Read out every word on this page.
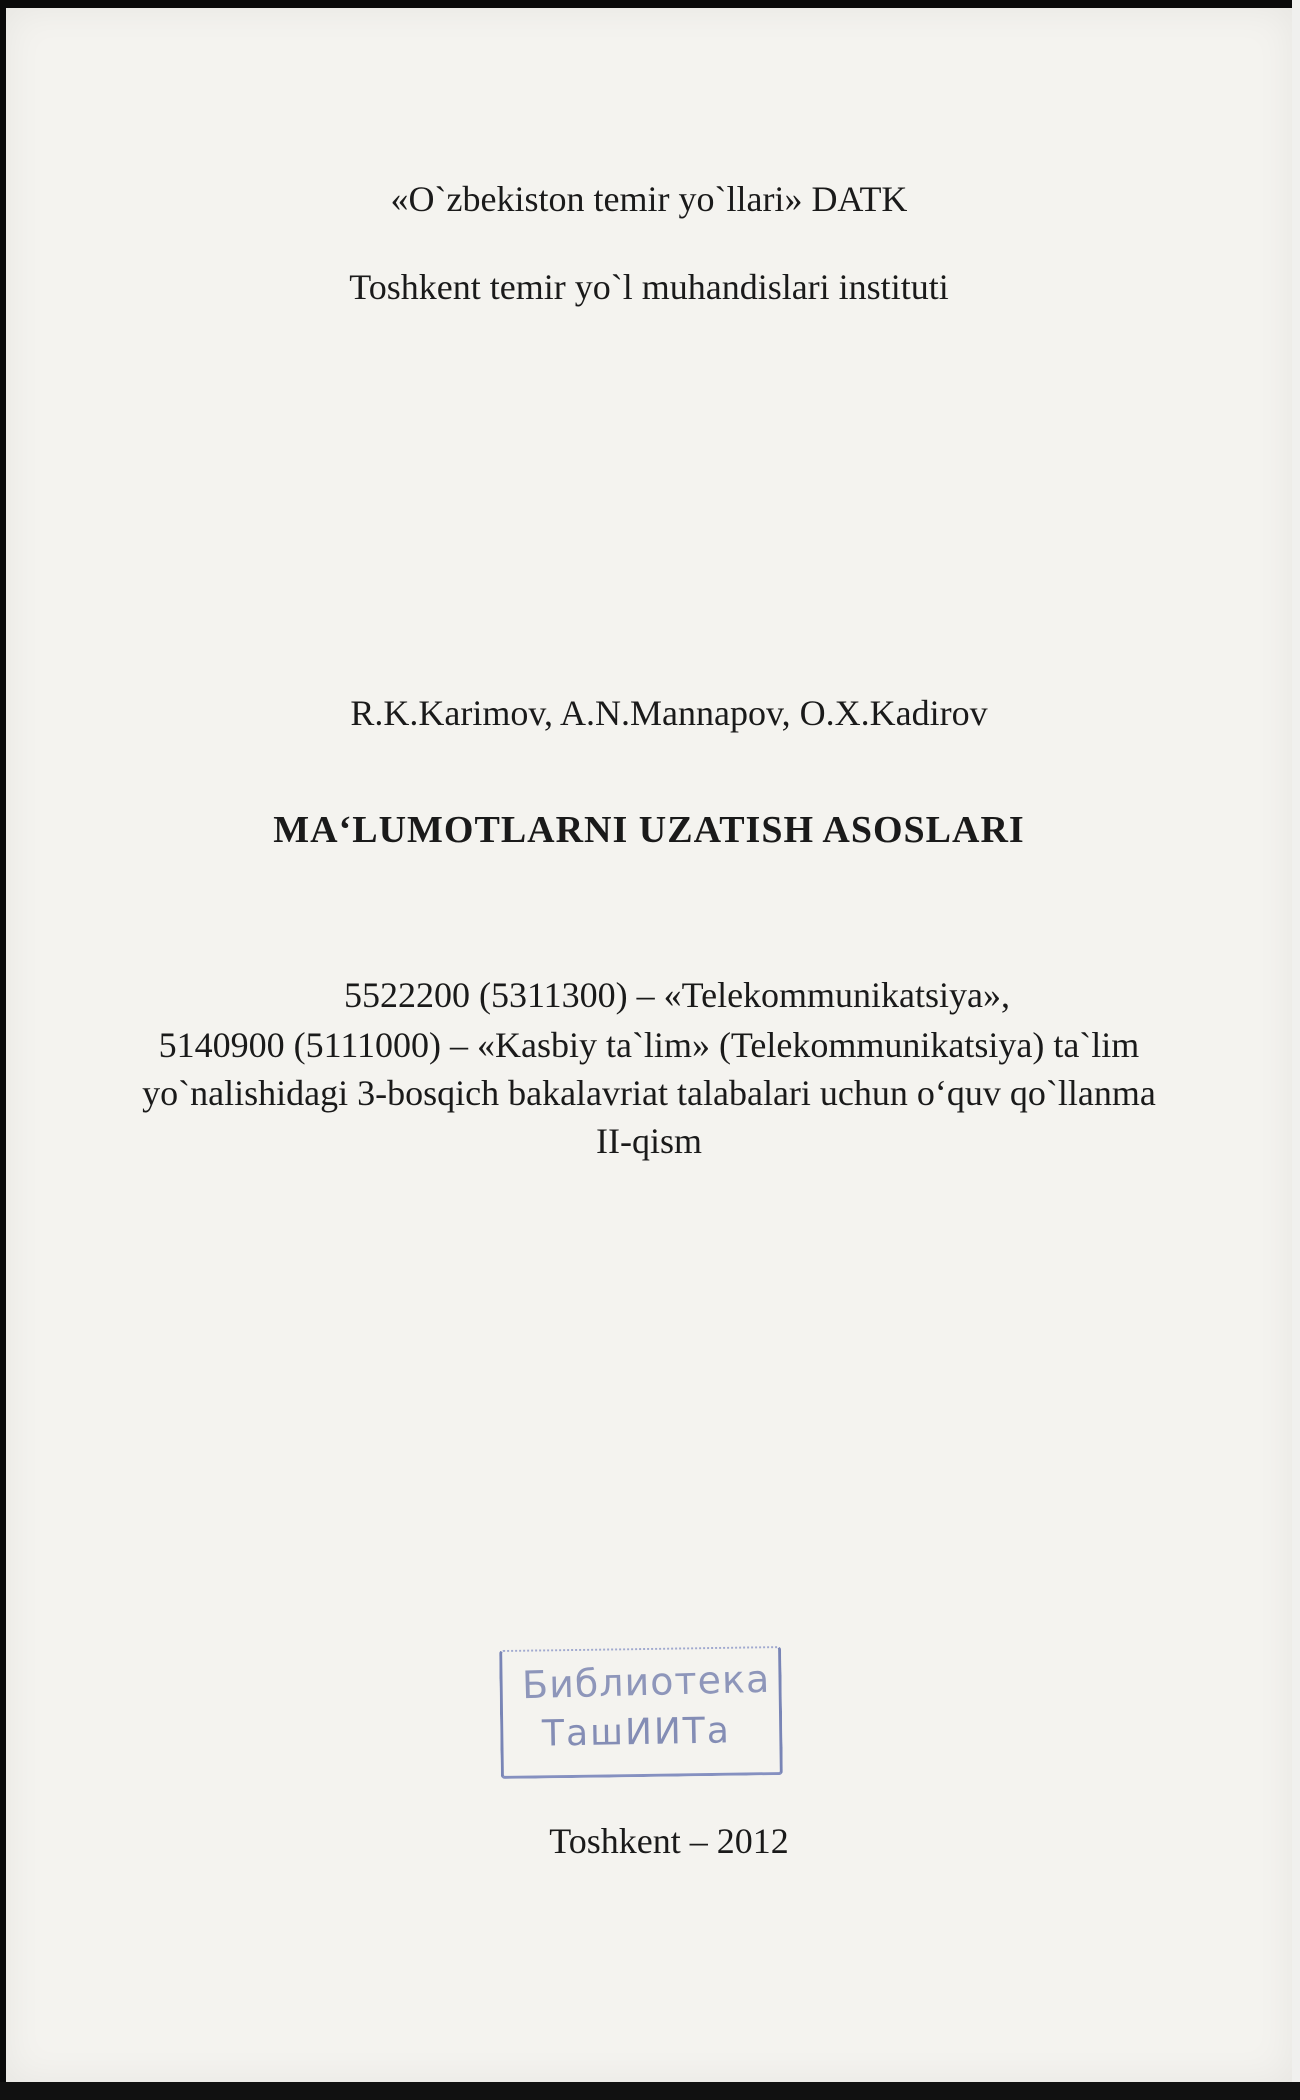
«O`zbekiston temir yo`llari» DATK
Toshkent temir yo`l muhandislari instituti
R.K.Karimov, A.N.Mannapov, O.X.Kadirov
MA‘LUMOTLARNI UZATISH ASOSLARI
5522200 (5311300) – «Telekommunikatsiya»,
5140900 (5111000) – «Kasbiy ta`lim» (Telekommunikatsiya) ta`lim
yo`nalishidagi 3-bosqich bakalavriat talabalari uchun o‘quv qo`llanma
II-qism
Библиотека
ТашИИТа
Toshkent – 2012
